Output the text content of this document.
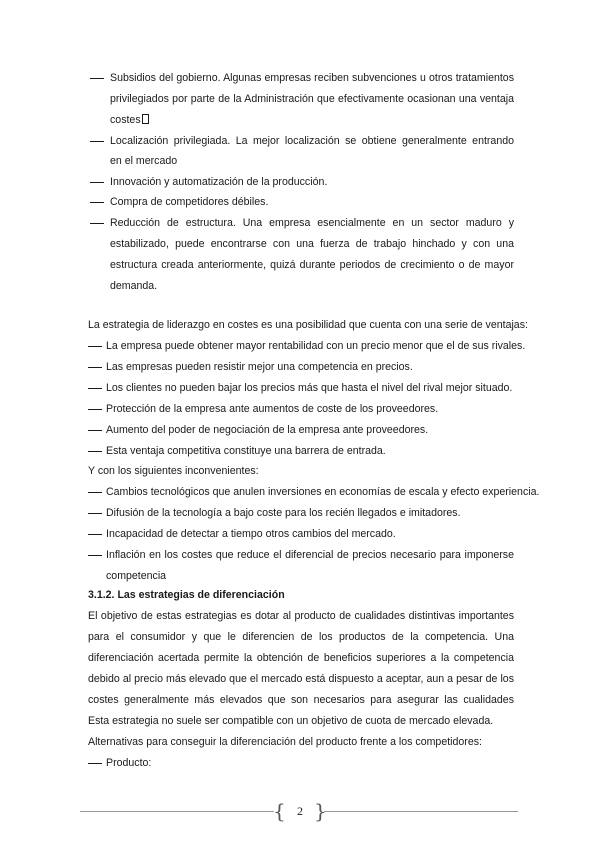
Subsidios del gobierno. Algunas empresas reciben subvenciones u otros tratamientos
privilegiados por parte de la Administración que efectivamente ocasionan una ventaja
costes
Localización privilegiada. La mejor localización se obtiene generalmente entrando
en el mercado
Innovación y automatización de la producción.
Compra de competidores débiles.
Reducción de estructura. Una empresa esencialmente en un sector maduro y
estabilizado, puede encontrarse con una fuerza de trabajo hinchado y con una
estructura creada anteriormente, quizá durante periodos de crecimiento o de mayor
demanda.
La estrategia de liderazgo en costes es una posibilidad que cuenta con una serie de ventajas:
La empresa puede obtener mayor rentabilidad con un precio menor que el de sus rivales.
Las empresas pueden resistir mejor una competencia en precios.
Los clientes no pueden bajar los precios más que hasta el nivel del rival mejor situado.
Protección de la empresa ante aumentos de coste de los proveedores.
Aumento del poder de negociación de la empresa ante proveedores.
Esta ventaja competitiva constituye una barrera de entrada.
Y con los siguientes inconvenientes:
Cambios tecnológicos que anulen inversiones en economías de escala y efecto experiencia.
Difusión de la tecnología a bajo coste para los recién llegados e imitadores.
Incapacidad de detectar a tiempo otros cambios del mercado.
Inflación en los costes que reduce el diferencial de precios necesario para imponerse
competencia
3.1.2. Las estrategias de diferenciación
El objetivo de estas estrategias es dotar al producto de cualidades distintivas importantes
para el consumidor y que le diferencien de los productos de la competencia. Una
diferenciación acertada permite la obtención de beneficios superiores a la competencia
debido al precio más elevado que el mercado está dispuesto a aceptar, aun a pesar de los
costes generalmente más elevados que son necesarios para asegurar las cualidades
Esta estrategia no suele ser compatible con un objetivo de cuota de mercado elevada.
Alternativas para conseguir la diferenciación del producto frente a los competidores:
Producto:
{ 2 }
